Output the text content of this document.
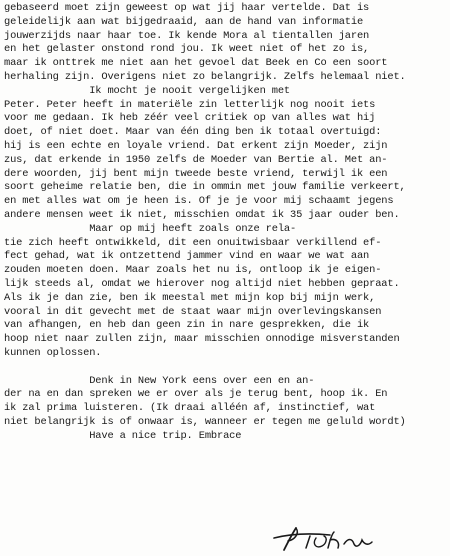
gebaseerd moet zijn geweest op wat jij haar vertelde. Dat is
geleidelijk aan wat bijgedraaid, aan de hand van informatie
jouwerzijds naar haar toe. Ik kende Mora al tientallen jaren
en het gelaster onstond rond jou. Ik weet niet of het zo is,
maar ik onttrek me niet aan het gevoel dat Beek en Co een soort
herhaling zijn. Overigens niet zo belangrijk. Zelfs helemaal niet.
Ik mocht je nooit vergelijken met
Peter. Peter heeft in materiële zin letterlijk nog nooit iets
voor me gedaan. Ik heb zéér veel critiek op van alles wat hij
doet, of niet doet. Maar van één ding ben ik totaal overtuigd:
hij is een echte en loyale vriend. Dat erkent zijn Moeder, zijn
zus, dat erkende in 1950 zelfs de Moeder van Bertie al. Met an-
dere woorden, jij bent mijn tweede beste vriend, terwijl ik een
soort geheime relatie ben, die in ommin met jouw familie verkeert,
en met alles wat om je heen is. Of je je voor mij schaamt jegens
andere mensen weet ik niet, misschien omdat ik 35 jaar ouder ben.
Maar op mij heeft zoals onze rela-
tie zich heeft ontwikkeld, dit een onuitwisbaar verkillend ef-
fect gehad, wat ik ontzettend jammer vind en waar we wat aan
zouden moeten doen. Maar zoals het nu is, ontloop ik je eigen-
lijk steeds al, omdat we hierover nog altijd niet hebben gepraat.
Als ik je dan zie, ben ik meestal met mijn kop bij mijn werk,
vooral in dit gevecht met de staat waar mijn overlevingskansen
van afhangen, en heb dan geen zin in nare gesprekken, die ik
hoop niet naar zullen zijn, maar misschien onnodige misverstanden
kunnen oplossen.
Denk in New York eens over een en an-
der na en dan spreken we er over als je terug bent, hoop ik. En
ik zal prima luisteren. (Ik draai alléén af, instinctief, wat
niet belangrijk is of onwaar is, wanneer er tegen me geluld wordt)
Have a nice trip. Embrace
